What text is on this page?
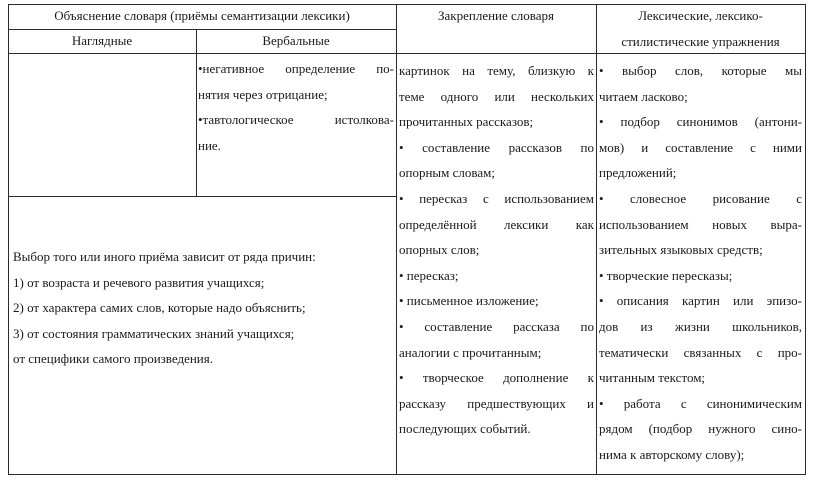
Объяснение словаря (приёмы семантизации лексики)
Наглядные	Вербальные
Закрепление словаря	Лексические, лексико-
стилистические упражнения
•негативное определение по-
нятия через отрицание;
•тавтологическое истолкова-
ние.
Выбор того или иного приёма зависит от ряда причин:
1) от возраста и речевого развития учащихся;
2) от характера самих слов, которые надо объяснить;
3) от состояния грамматических знаний учащихся;
от специфики самого произведения.
картинок на тему, близкую к
теме одного или нескольких
прочитанных рассказов;
• составление рассказов по
опорным словам;
• пересказ с использованием
определённой лексики как
опорных слов;
• пересказ;
• письменное изложение;
• составление рассказа по
аналогии с прочитанным;
• творческое дополнение к
рассказу предшествующих и
последующих событий.
• выбор слов, которые мы
читаем ласково;
• подбор синонимов (антони-
мов) и составление с ними
предложений;
• словесное рисование с
использованием новых выра-
зительных языковых средств;
• творческие пересказы;
• описания картин или эпизо-
дов из жизни школьников,
тематически связанных с про-
читанным текстом;
• работа с синонимическим
рядом (подбор нужного сино-
нима к авторскому слову);
